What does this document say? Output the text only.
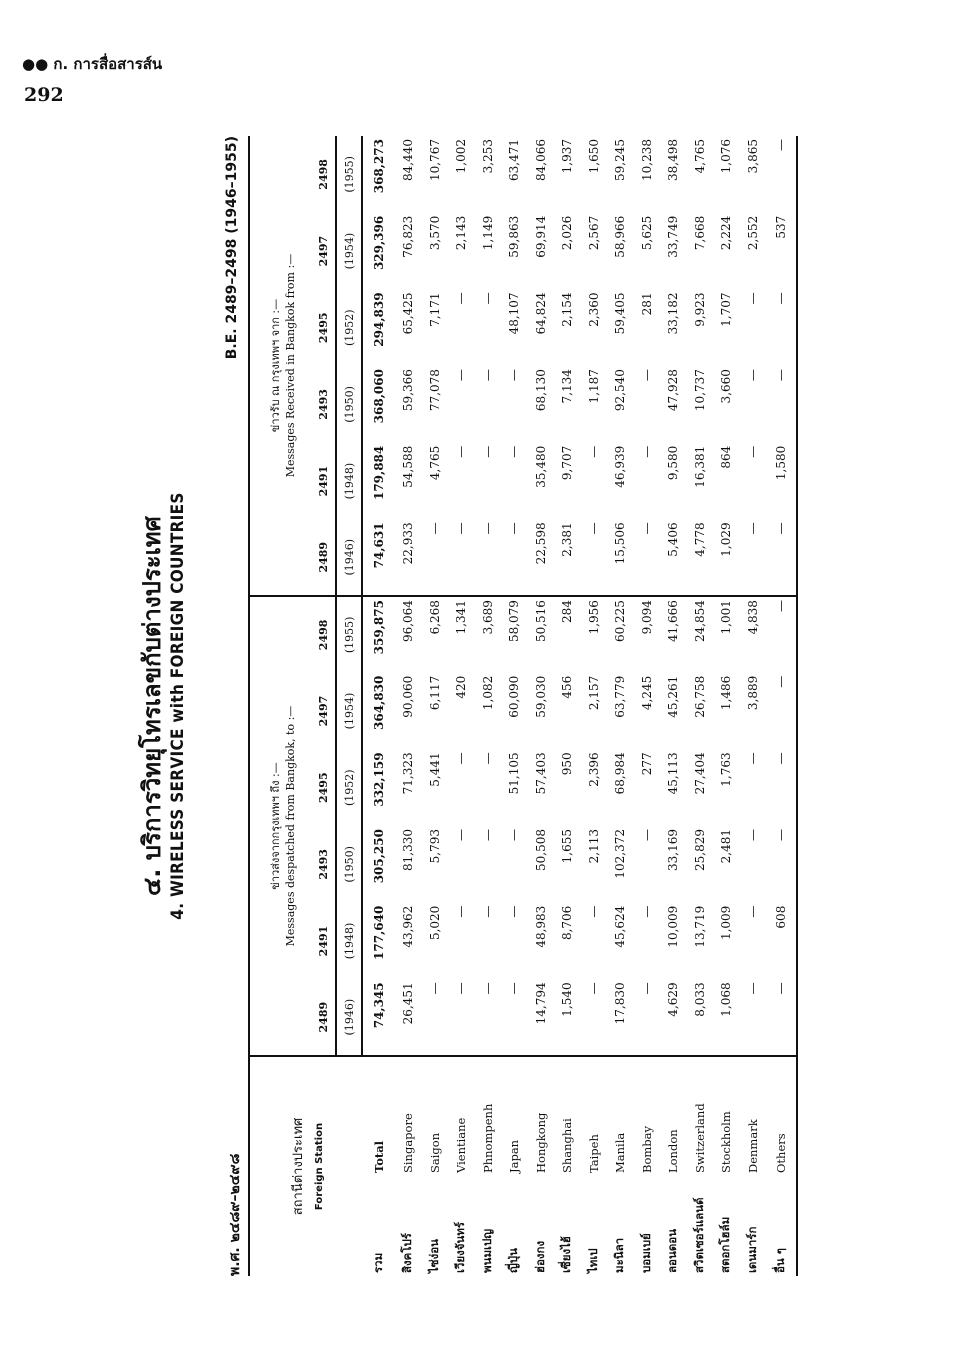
●● ก. การสื่อสารส์น
292
๔. บริการวิทยุโทรเลขกับต่างประเทศ 4. WIRELESS SERVICE with FOREIGN COUNTRIES
พ.ศ. ๒๔๘๙–๒๔๙๘
B.E. 2489–2498 (1946–1955)
สถานีต่างประเทศ Foreign Station		ข่าวส่งจากกรุงเทพฯ ถึง :— Messages despatched from Bangkok, to :—						ข่าวรับ ณ กรุงเทพฯ จาก :— Messages Received in Bangkok from :—					

		2489	2491	2493	2495	2497	2498	2489	2491	2493	2495	2497	2498
		(1946)	(1948)	(1950)	(1952)	(1954)	(1955)	(1946)	(1948)	(1950)	(1952)	(1954)	(1955)
รวม	Total	74,345	177,640	305,250	332,159	364,830	359,875	74,631	179,884	368,060	294,839	329,396	368,273
สิงคโปร์	Singapore	26,451	43,962	81,330	71,323	90,060	96,064	22,933	54,588	59,366	65,425	76,823	84,440
ไซ่ง่อน	Saigon	—	5,020	5,793	5,441	6,117	6,268	—	4,765	77,078	7,171	3,570	10,767
เวียงจันทร์	Vientiane	—	—	—	—	420	1,341	—	—	—	—	2,143	1,002
พนมเปญ	Phnompenh	—	—	—	—	1,082	3,689	—	—	—	—	1,149	3,253
ญี่ปุ่น	Japan	—	—	—	51,105	60,090	58,079	—	—	—	48,107	59,863	63,471
ฮ่องกง	Hongkong	14,794	48,983	50,508	57,403	59,030	50,516	22,598	35,480	68,130	64,824	69,914	84,066
เซี่ยงไฮ้	Shanghai	1,540	8,706	1,655	950	456	284	2,381	9,707	7,134	2,154	2,026	1,937
ไทเป	Taipeh	—	—	2,113	2,396	2,157	1,956	—	—	1,187	2,360	2,567	1,650
มะนิลา	Manila	17,830	45,624	102,372	68,984	63,779	60,225	15,506	46,939	92,540	59,405	58,966	59,245
บอมเบย์	Bombay	—	—	—	277	4,245	9,094	—	—	—	281	5,625	10,238
ลอนดอน	London	4,629	10,009	33,169	45,113	45,261	41,666	5,406	9,580	47,928	33,182	33,749	38,498
สวิตเซอร์แลนด์	Switzerland	8,033	13,719	25,829	27,404	26,758	24,854	4,778	16,381	10,737	9,923	7,668	4,765
สตอกโฮล์ม	Stockholm	1,068	1,009	2,481	1,763	1,486	1,001	1,029	864	3,660	1,707	2,224	1,076
เดนมาร์ก	Denmark	—	—	—	—	3,889	4,838	—	—	—	—	2,552	3,865
อื่น ๆ	Others	—	608	—	—	—	—	—	1,580	—	—	537	—
